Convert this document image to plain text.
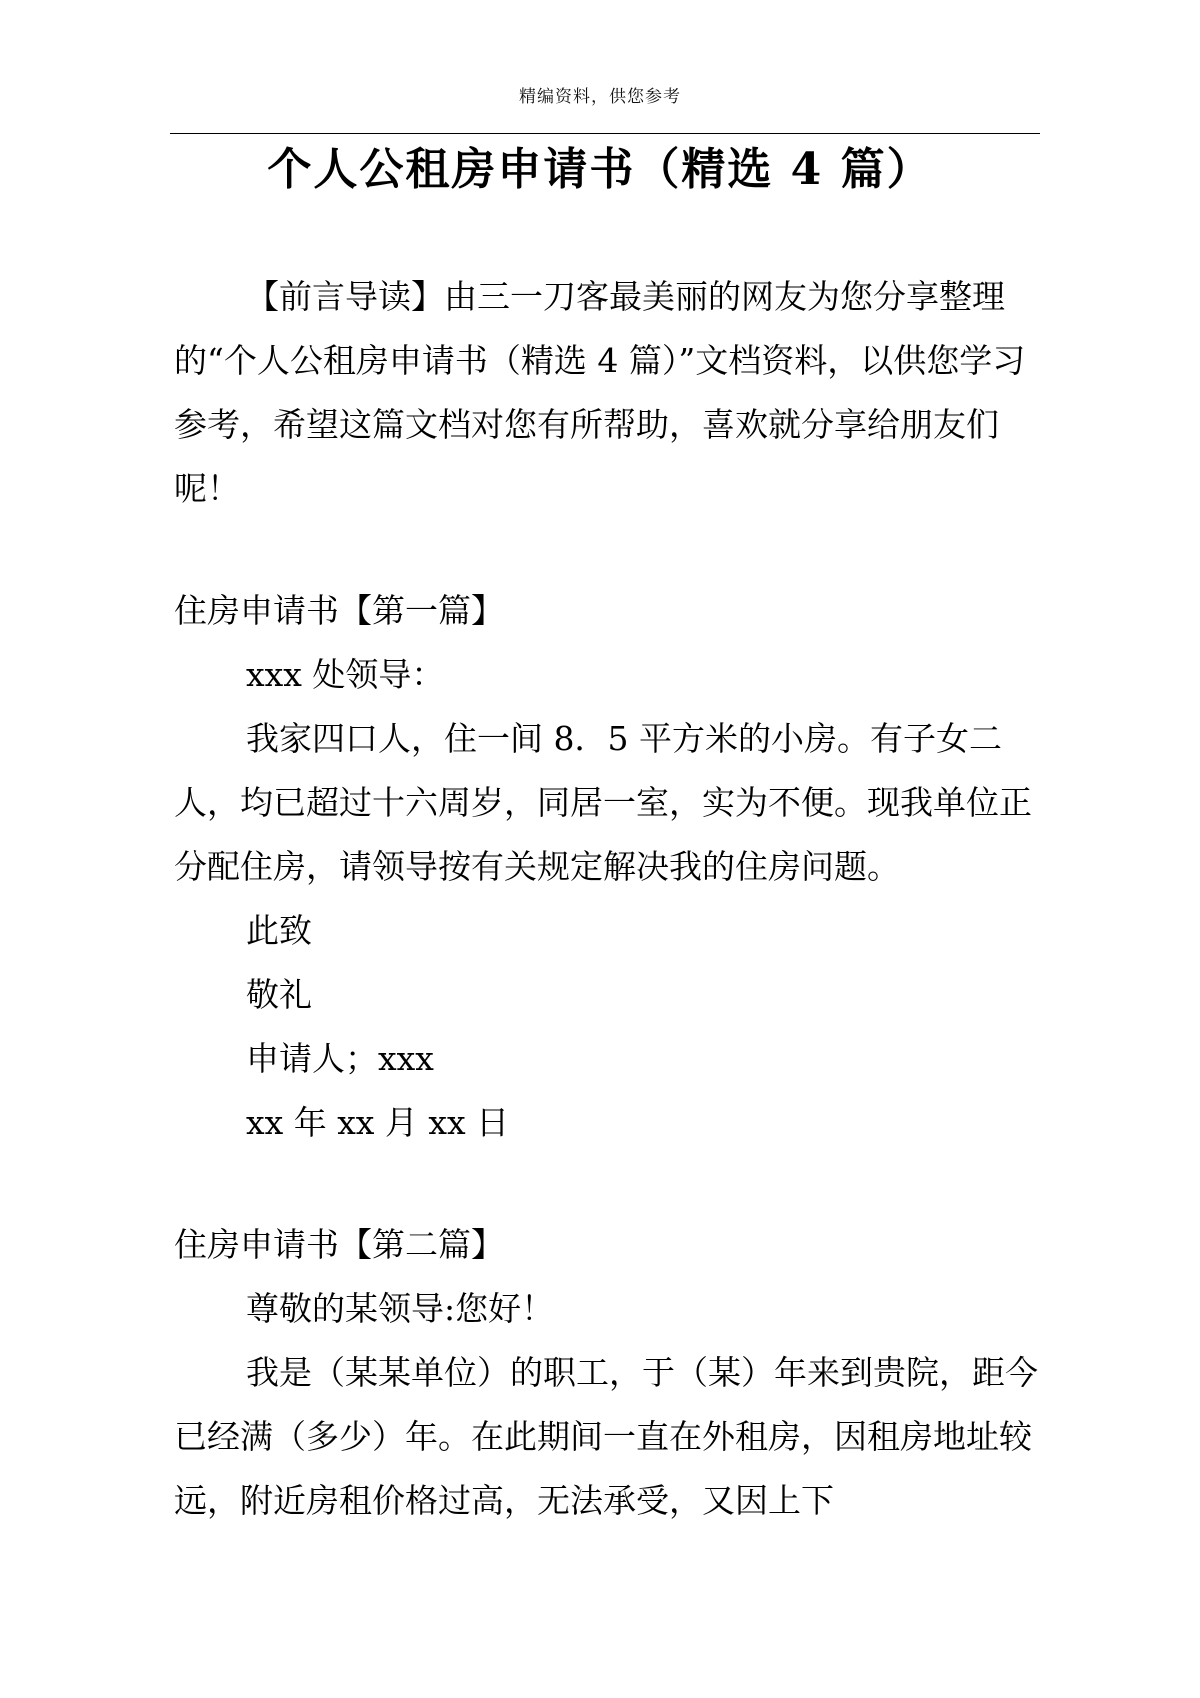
精编资料，供您参考
个人公租房申请书（精选 4 篇）

【前言导读】由三一刀客最美丽的网友为您分享整理的“个人公租房申请书（精选 4 篇）”文档资料，以供您学习参考，希望这篇文档对您有所帮助，喜欢就分享给朋友们呢！

住房申请书【第一篇】

xxx 处领导：

我家四口人，住一间 8．5 平方米的小房。有子女二人，均已超过十六周岁，同居一室，实为不便。现我单位正分配住房，请领导按有关规定解决我的住房问题。

此致

敬礼

申请人；xxx

xx 年 xx 月 xx 日

住房申请书【第二篇】

尊敬的某领导:您好！

我是（某某单位）的职工，于（某）年来到贵院，距今已经满（多少）年。在此期间一直在外租房，因租房地址较远，附近房租价格过高，无法承受，又因上下
